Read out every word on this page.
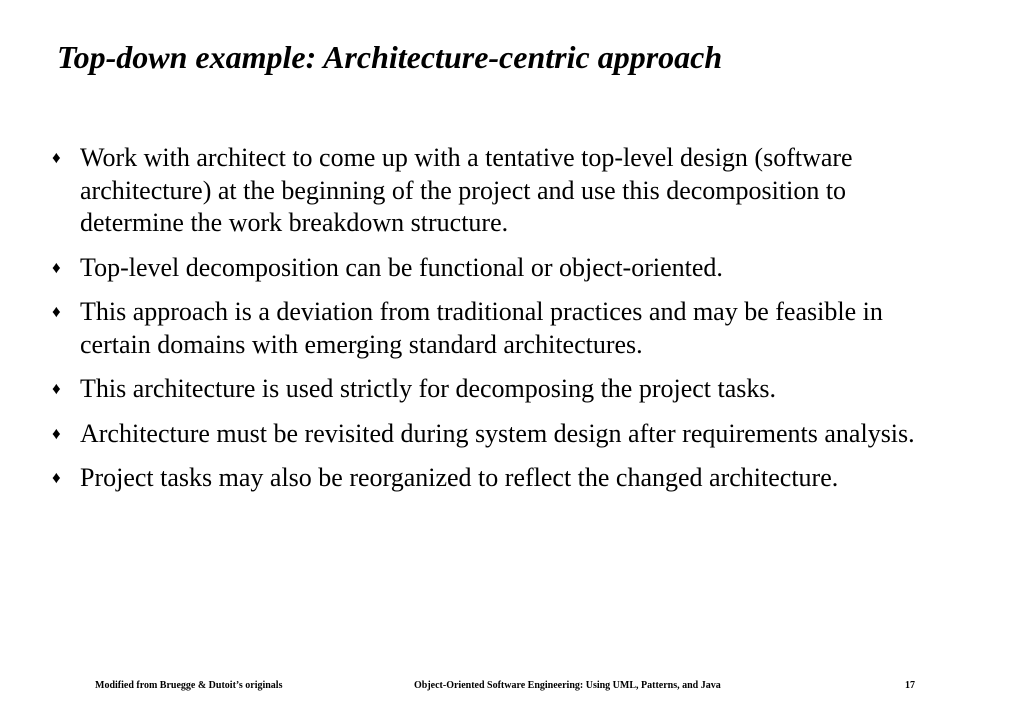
Top-down example: Architecture-centric approach
♦ Work with architect to come up with a tentative top-level design (software architecture) at the beginning of the project and use this decomposition to determine the work breakdown structure.
♦ Top-level decomposition can be functional or object-oriented.
♦ This approach is a deviation from traditional practices and may be feasible in certain domains with emerging standard architectures.
♦ This architecture is used strictly for decomposing the project tasks.
♦ Architecture must be revisited during system design after requirements analysis.
♦ Project tasks may also be reorganized to reflect the changed architecture.
Modified from Bruegge & Dutoit’s originals	Object-Oriented Software Engineering: Using UML, Patterns, and Java	17
